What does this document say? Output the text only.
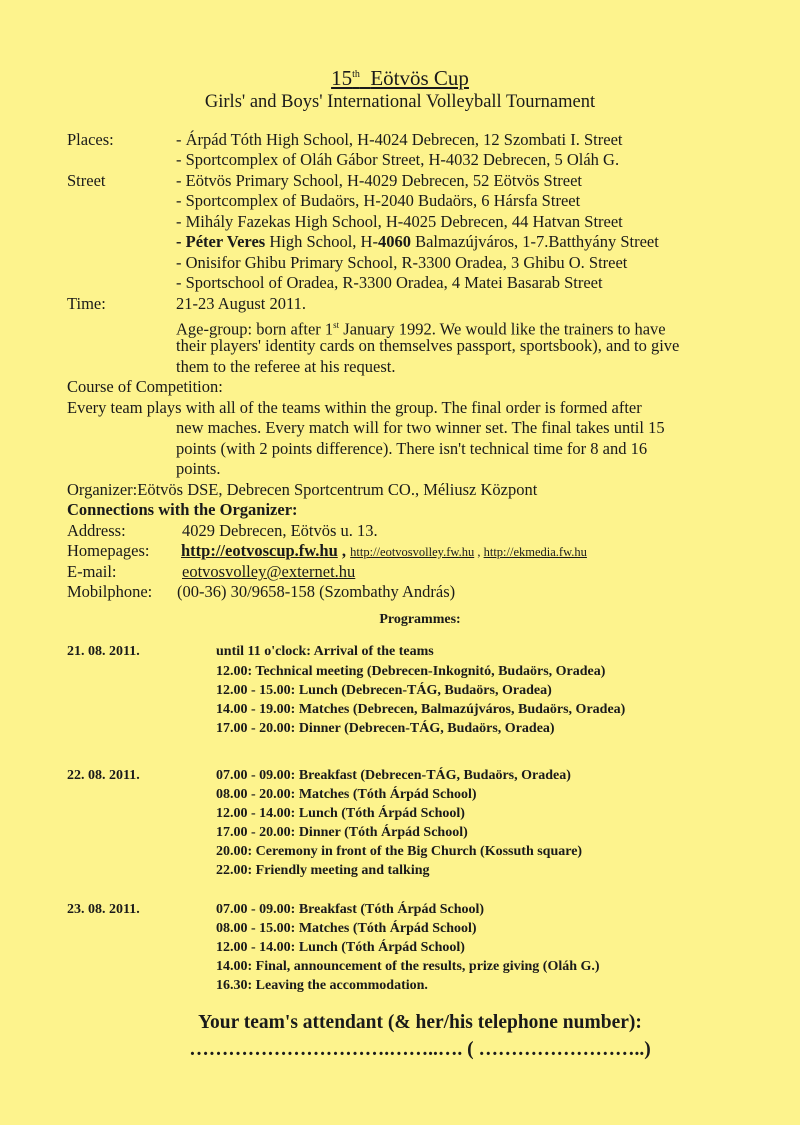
15th Eötvös Cup
Girls' and Boys' International Volleyball Tournament
Places:	- Árpád Tóth High School, H-4024 Debrecen, 12 Szombati I. Street
- Sportcomplex of Oláh Gábor Street, H-4032 Debrecen, 5 Oláh G.
Street	- Eötvös Primary School, H-4029 Debrecen, 52 Eötvös Street
- Sportcomplex of Budaörs, H-2040 Budaörs, 6 Hársfa Street
- Mihály Fazekas High School, H-4025 Debrecen, 44 Hatvan Street
- Péter Veres High School, H-4060 Balmazújváros, 1-7.Batthyány Street
- Onisifor Ghibu Primary School, R-3300 Oradea, 3 Ghibu O. Street
- Sportschool of Oradea, R-3300 Oradea, 4 Matei Basarab Street
Time:	21-23 August 2011.
Age-group: born after 1st January 1992. We would like the trainers to have
their players' identity cards on themselves passport, sportsbook), and to give
them to the referee at his request.
Course of Competition:
Every team plays with all of the teams within the group. The final order is formed after
new maches. Every match will for two winner set. The final takes until 15
points (with 2 points difference). There isn't technical time for 8 and 16
points.
Organizer:Eötvös DSE, Debrecen Sportcentrum CO., Méliusz Központ
Connections with the Organizer:
Address:	4029 Debrecen, Eötvös u. 13.
Homepages: http://eotvoscup.fw.hu , http://eotvosvolley.fw.hu , http://ekmedia.fw.hu
E-mail:	eotvosvolley@externet.hu
Mobilphone: (00-36) 30/9658-158 (Szombathy András)
Programmes:
21. 08. 2011.	until 11 o'clock: Arrival of the teams
12.00: Technical meeting (Debrecen-Inkognitó, Budaörs, Oradea)
12.00 - 15.00: Lunch (Debrecen-TÁG, Budaörs, Oradea)
14.00 - 19.00: Matches (Debrecen, Balmazújváros, Budaörs, Oradea)
17.00 - 20.00: Dinner (Debrecen-TÁG, Budaörs, Oradea)
22. 08. 2011.	07.00 - 09.00: Breakfast (Debrecen-TÁG, Budaörs, Oradea)
08.00 - 20.00: Matches (Tóth Árpád School)
12.00 - 14.00: Lunch (Tóth Árpád School)
17.00 - 20.00: Dinner (Tóth Árpád School)
20.00: Ceremony in front of the Big Church (Kossuth square)
22.00: Friendly meeting and talking
23. 08. 2011.	07.00 - 09.00: Breakfast (Tóth Árpád School)
08.00 - 15.00: Matches (Tóth Árpád School)
12.00 - 14.00: Lunch (Tóth Árpád School)
14.00: Final, announcement of the results, prize giving (Oláh G.)
16.30: Leaving the accommodation.
Your team's attendant (& her/his telephone number):
………………………….……..…. ( ……………………..)
